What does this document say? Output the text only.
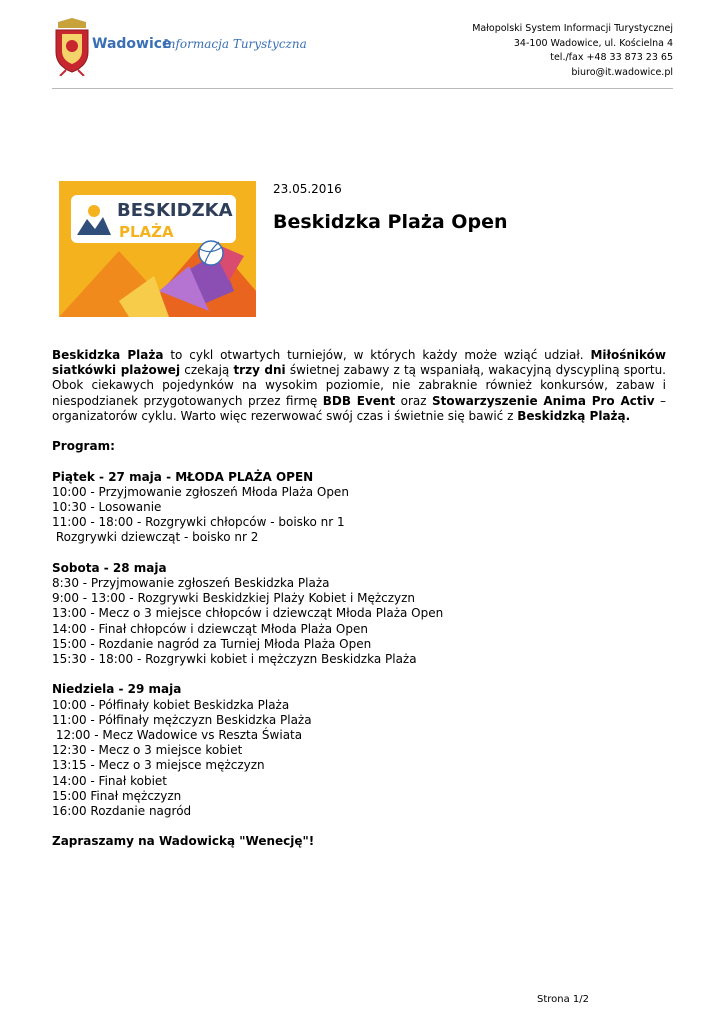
Wadowice
Informacja Turystyczna
Małopolski System Informacji Turystycznej
34-100 Wadowice, ul. Kościelna 4
tel./fax +48 33 873 23 65
biuro@it.wadowice.pl
BESKIDZKA
PLAŻA
23.05.2016
Beskidzka Plaża Open

Beskidzka Plaża to cykl otwartych turniejów, w których każdy może wziąć udział. Miłośników siatkówki plażowej czekają trzy dni świetnej zabawy z tą wspaniałą, wakacyjną dyscypliną sportu. Obok ciekawych pojedynków na wysokim poziomie, nie zabraknie również konkursów, zabaw i niespodzianek przygotowanych przez firmę BDB Event oraz Stowarzyszenie Anima Pro Activ – organizatorów cyklu. Warto więc rezerwować swój czas i świetnie się bawić z Beskidzką Plażą.

Program:

Piątek - 27 maja - MŁODA PLAŻA OPEN

10:00 - Przyjmowanie zgłoszeń Młoda Plaża Open

10:30 - Losowanie

11:00 - 18:00 - Rozgrywki chłopców - boisko nr 1

Rozgrywki dziewcząt - boisko nr 2

Sobota - 28 maja

8:30 - Przyjmowanie zgłoszeń Beskidzka Plaża

9:00 - 13:00 - Rozgrywki Beskidzkiej Plaży Kobiet i Mężczyzn

13:00 - Mecz o 3 miejsce chłopców i dziewcząt Młoda Plaża Open

14:00 - Finał chłopców i dziewcząt Młoda Plaża Open

15:00 - Rozdanie nagród za Turniej Młoda Plaża Open

15:30 - 18:00 - Rozgrywki kobiet i mężczyzn Beskidzka Plaża

Niedziela - 29 maja

10:00 - Półfinały kobiet Beskidzka Plaża

11:00 - Półfinały mężczyzn Beskidzka Plaża

12:00 - Mecz Wadowice vs Reszta Świata

12:30 - Mecz o 3 miejsce kobiet

13:15 - Mecz o 3 miejsce mężczyzn

14:00 - Finał kobiet

15:00 Finał mężczyzn

16:00 Rozdanie nagród

Zapraszamy na Wadowicką "Wenecję"!

Strona 1/2
